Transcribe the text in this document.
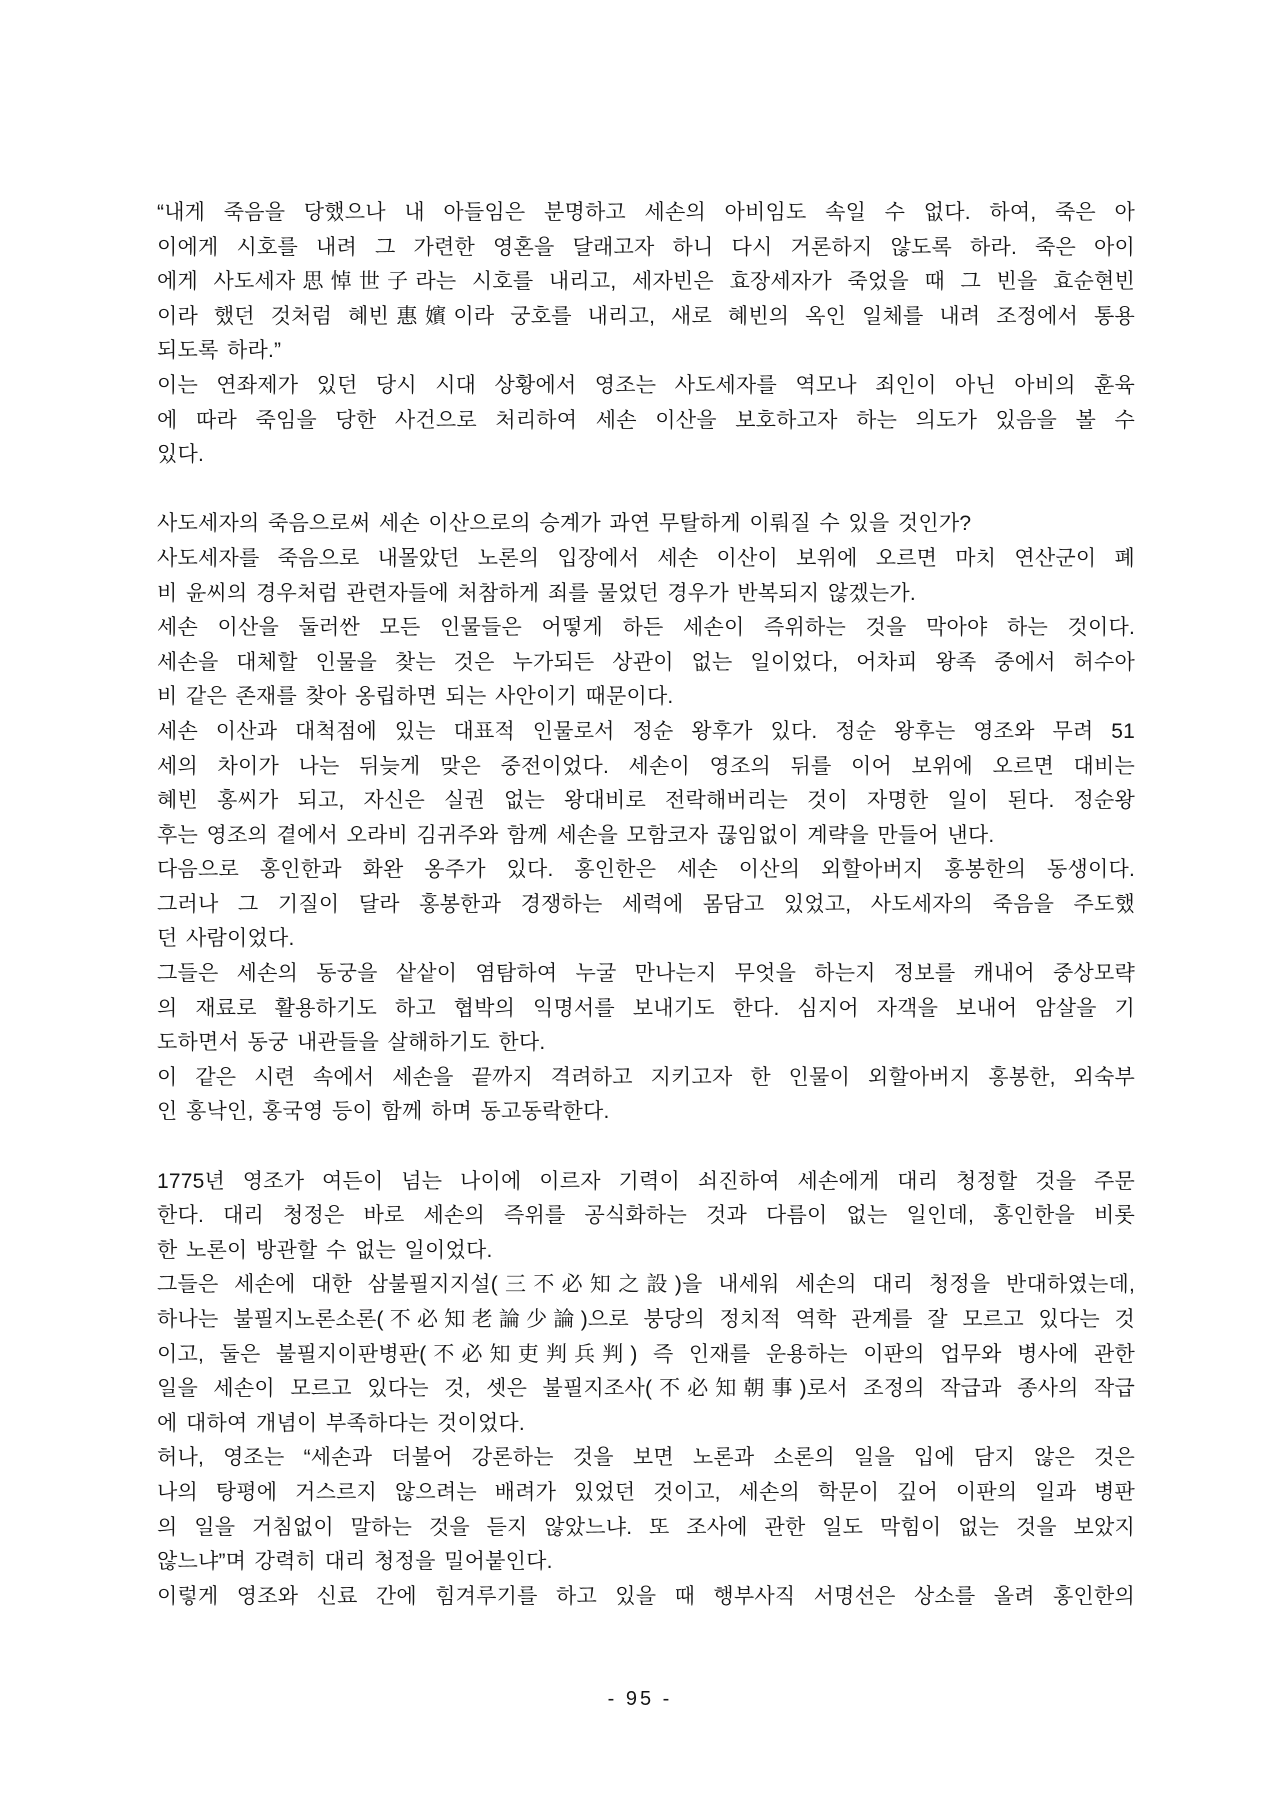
“내게 죽음을 당했으나 내 아들임은 분명하고 세손의 아비임도 속일 수 없다. 하여, 죽은 아
이에게 시호를 내려 그 가련한 영혼을 달래고자 하니 다시 거론하지 않도록 하라. 죽은 아이
에게 사도세자思悼世子라는 시호를 내리고, 세자빈은 효장세자가 죽었을 때 그 빈을 효순현빈
이라 했던 것처럼 혜빈惠嬪이라 궁호를 내리고, 새로 혜빈의 옥인 일체를 내려 조정에서 통용
되도록 하라.”
이는 연좌제가 있던 당시 시대 상황에서 영조는 사도세자를 역모나 죄인이 아닌 아비의 훈육
에 따라 죽임을 당한 사건으로 처리하여 세손 이산을 보호하고자 하는 의도가 있음을 볼 수
있다.
사도세자의 죽음으로써 세손 이산으로의 승계가 과연 무탈하게 이뤄질 수 있을 것인가?
사도세자를 죽음으로 내몰았던 노론의 입장에서 세손 이산이 보위에 오르면 마치 연산군이 폐
비 윤씨의 경우처럼 관련자들에 처참하게 죄를 물었던 경우가 반복되지 않겠는가.
세손 이산을 둘러싼 모든 인물들은 어떻게 하든 세손이 즉위하는 것을 막아야 하는 것이다.
세손을 대체할 인물을 찾는 것은 누가되든 상관이 없는 일이었다, 어차피 왕족 중에서 허수아
비 같은 존재를 찾아 옹립하면 되는 사안이기 때문이다.
세손 이산과 대척점에 있는 대표적 인물로서 정순 왕후가 있다. 정순 왕후는 영조와 무려 51
세의 차이가 나는 뒤늦게 맞은 중전이었다. 세손이 영조의 뒤를 이어 보위에 오르면 대비는
혜빈 홍씨가 되고, 자신은 실권 없는 왕대비로 전락해버리는 것이 자명한 일이 된다. 정순왕
후는 영조의 곁에서 오라비 김귀주와 함께 세손을 모함코자 끊임없이 계략을 만들어 낸다.
다음으로 홍인한과 화완 옹주가 있다. 홍인한은 세손 이산의 외할아버지 홍봉한의 동생이다.
그러나 그 기질이 달라 홍봉한과 경쟁하는 세력에 몸담고 있었고, 사도세자의 죽음을 주도했
던 사람이었다.
그들은 세손의 동궁을 샅샅이 염탐하여 누굴 만나는지 무엇을 하는지 정보를 캐내어 중상모략
의 재료로 활용하기도 하고 협박의 익명서를 보내기도 한다. 심지어 자객을 보내어 암살을 기
도하면서 동궁 내관들을 살해하기도 한다.
이 같은 시련 속에서 세손을 끝까지 격려하고 지키고자 한 인물이 외할아버지 홍봉한, 외숙부
인 홍낙인, 홍국영 등이 함께 하며 동고동락한다.
1775년 영조가 여든이 넘는 나이에 이르자 기력이 쇠진하여 세손에게 대리 청정할 것을 주문
한다. 대리 청정은 바로 세손의 즉위를 공식화하는 것과 다름이 없는 일인데, 홍인한을 비롯
한 노론이 방관할 수 없는 일이었다.
그들은 세손에 대한 삼불필지지설(三不必知之設)을 내세워 세손의 대리 청정을 반대하였는데,
하나는 불필지노론소론(不必知老論少論)으로 붕당의 정치적 역학 관계를 잘 모르고 있다는 것
이고, 둘은 불필지이판병판(不必知吏判兵判) 즉 인재를 운용하는 이판의 업무와 병사에 관한
일을 세손이 모르고 있다는 것, 셋은 불필지조사(不必知朝事)로서 조정의 작급과 종사의 작급
에 대하여 개념이 부족하다는 것이었다.
허나, 영조는 “세손과 더불어 강론하는 것을 보면 노론과 소론의 일을 입에 담지 않은 것은
나의 탕평에 거스르지 않으려는 배려가 있었던 것이고, 세손의 학문이 깊어 이판의 일과 병판
의 일을 거침없이 말하는 것을 듣지 않았느냐. 또 조사에 관한 일도 막힘이 없는 것을 보았지
않느냐”며 강력히 대리 청정을 밀어붙인다.
이렇게 영조와 신료 간에 힘겨루기를 하고 있을 때 행부사직 서명선은 상소를 올려 홍인한의
- 95 -
